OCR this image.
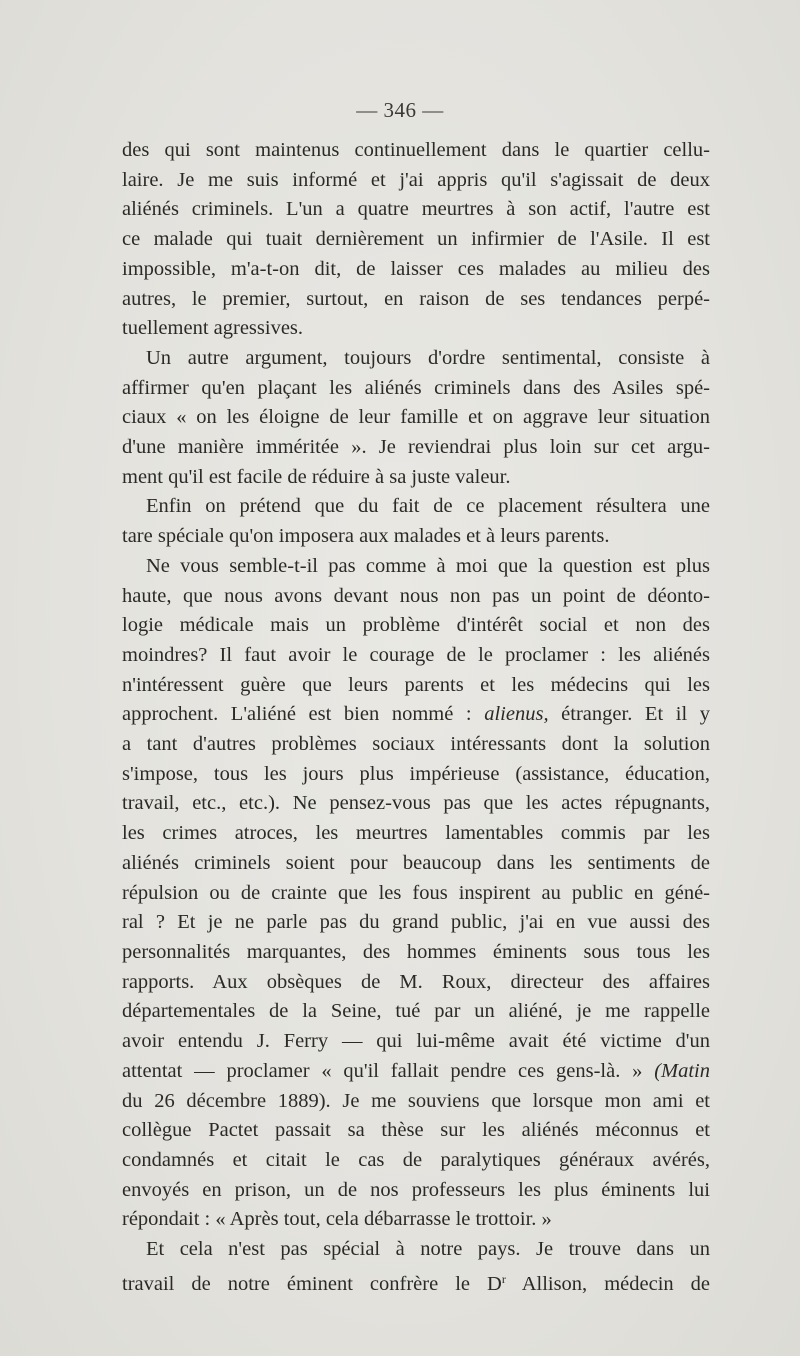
— 346 —
des qui sont maintenus continuellement dans le quartier cellu-
laire. Je me suis informé et j'ai appris qu'il s'agissait de deux
aliénés criminels. L'un a quatre meurtres à son actif, l'autre est
ce malade qui tuait dernièrement un infirmier de l'Asile. Il est
impossible, m'a-t-on dit, de laisser ces malades au milieu des
autres, le premier, surtout, en raison de ses tendances perpé-
tuellement agressives.
Un autre argument, toujours d'ordre sentimental, consiste à
affirmer qu'en plaçant les aliénés criminels dans des Asiles spé-
ciaux « on les éloigne de leur famille et on aggrave leur situation
d'une manière imméritée ». Je reviendrai plus loin sur cet argu-
ment qu'il est facile de réduire à sa juste valeur.
Enfin on prétend que du fait de ce placement résultera une
tare spéciale qu'on imposera aux malades et à leurs parents.
Ne vous semble-t-il pas comme à moi que la question est plus
haute, que nous avons devant nous non pas un point de déonto-
logie médicale mais un problème d'intérêt social et non des
moindres? Il faut avoir le courage de le proclamer : les aliénés
n'intéressent guère que leurs parents et les médecins qui les
approchent. L'aliéné est bien nommé : alienus, étranger. Et il y
a tant d'autres problèmes sociaux intéressants dont la solution
s'impose, tous les jours plus impérieuse (assistance, éducation,
travail, etc., etc.). Ne pensez-vous pas que les actes répugnants,
les crimes atroces, les meurtres lamentables commis par les
aliénés criminels soient pour beaucoup dans les sentiments de
répulsion ou de crainte que les fous inspirent au public en géné-
ral ? Et je ne parle pas du grand public, j'ai en vue aussi des
personnalités marquantes, des hommes éminents sous tous les
rapports. Aux obsèques de M. Roux, directeur des affaires
départementales de la Seine, tué par un aliéné, je me rappelle
avoir entendu J. Ferry — qui lui-même avait été victime d'un
attentat — proclamer « qu'il fallait pendre ces gens-là. » (Matin
du 26 décembre 1889). Je me souviens que lorsque mon ami et
collègue Pactet passait sa thèse sur les aliénés méconnus et
condamnés et citait le cas de paralytiques généraux avérés,
envoyés en prison, un de nos professeurs les plus éminents lui
répondait : « Après tout, cela débarrasse le trottoir. »
Et cela n'est pas spécial à notre pays. Je trouve dans un
travail de notre éminent confrère le $D^r$ Allison, médecin de
